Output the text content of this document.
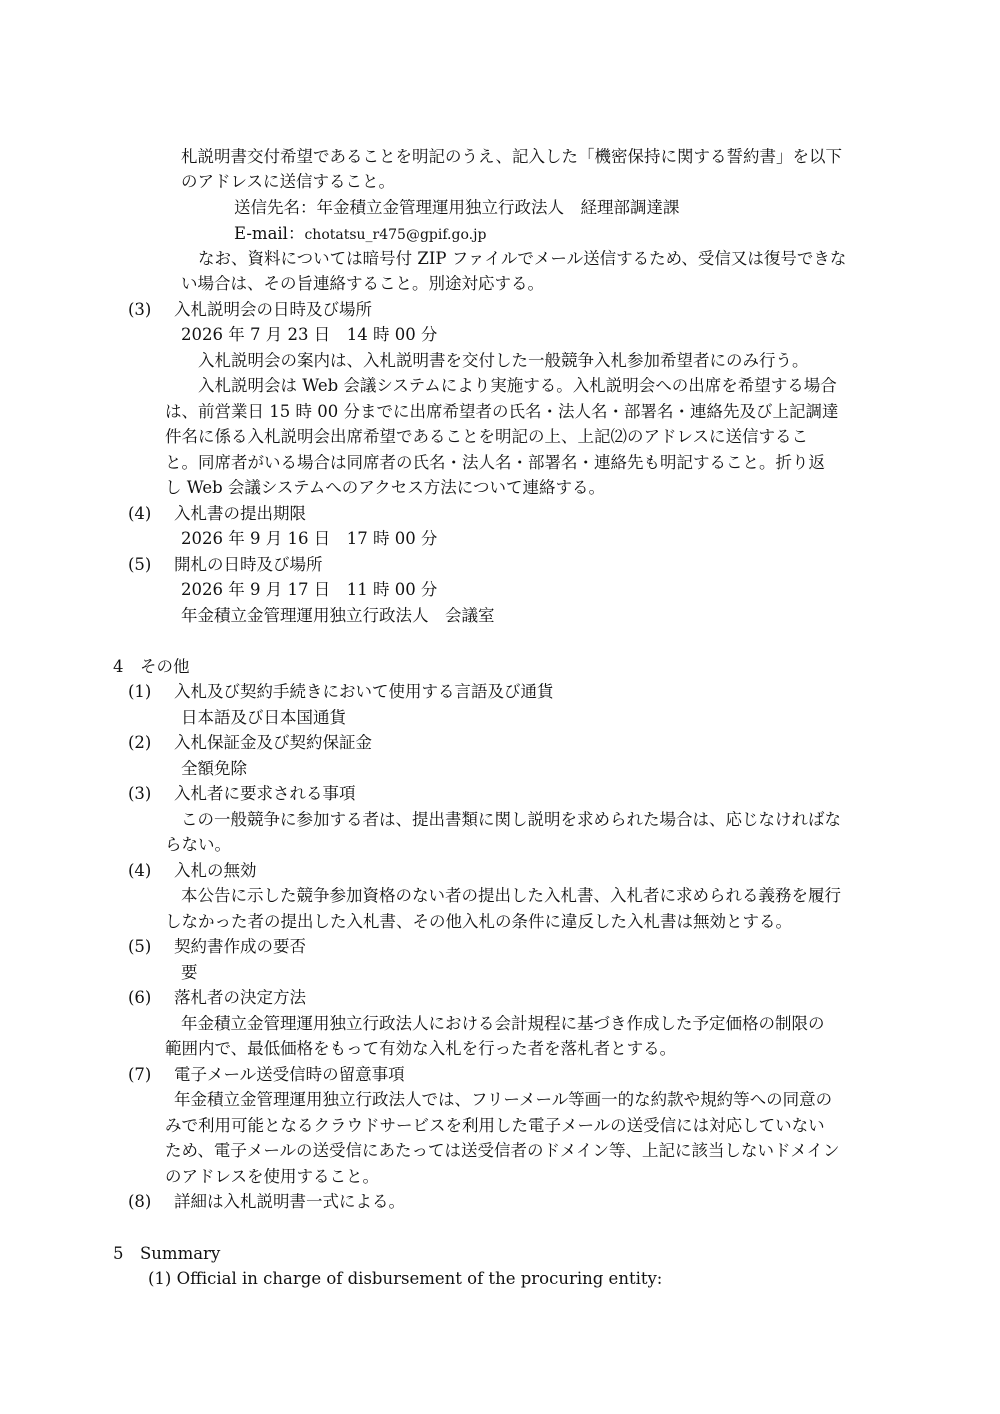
札説明書交付希望であることを明記のうえ、記入した「機密保持に関する誓約書」を以下
のアドレスに送信すること。
送信先名：年金積立金管理運用独立行政法人　経理部調達課
E-mail：chotatsu_r475@gpif.go.jp
なお、資料については暗号付 ZIP ファイルでメール送信するため、受信又は復号できな
い場合は、その旨連絡すること。別途対応する。
(3) 入札説明会の日時及び場所
2026 年 7 月 23 日　14 時 00 分
入札説明会の案内は、入札説明書を交付した一般競争入札参加希望者にのみ行う。
入札説明会は Web 会議システムにより実施する。入札説明会への出席を希望する場合
は、前営業日 15 時 00 分までに出席希望者の氏名・法人名・部署名・連絡先及び上記調達
件名に係る入札説明会出席希望であることを明記の上、上記⑵のアドレスに送信するこ
と。同席者がいる場合は同席者の氏名・法人名・部署名・連絡先も明記すること。折り返
し Web 会議システムへのアクセス方法について連絡する。
(4) 入札書の提出期限
2026 年 9 月 16 日　17 時 00 分
(5) 開札の日時及び場所
2026 年 9 月 17 日　11 時 00 分
年金積立金管理運用独立行政法人　会議室
4　その他
(1) 入札及び契約手続きにおいて使用する言語及び通貨
日本語及び日本国通貨
(2) 入札保証金及び契約保証金
全額免除
(3) 入札者に要求される事項
この一般競争に参加する者は、提出書類に関し説明を求められた場合は、応じなければな
らない。
(4) 入札の無効
本公告に示した競争参加資格のない者の提出した入札書、入札者に求められる義務を履行
しなかった者の提出した入札書、その他入札の条件に違反した入札書は無効とする。
(5) 契約書作成の要否
要
(6) 落札者の決定方法
年金積立金管理運用独立行政法人における会計規程に基づき作成した予定価格の制限の
範囲内で、最低価格をもって有効な入札を行った者を落札者とする。
(7) 電子メール送受信時の留意事項
年金積立金管理運用独立行政法人では、フリーメール等画一的な約款や規約等への同意の
みで利用可能となるクラウドサービスを利用した電子メールの送受信には対応していない
ため、電子メールの送受信にあたっては送受信者のドメイン等、上記に該当しないドメイン
のアドレスを使用すること。
(8) 詳細は入札説明書一式による。
5　Summary
(1) Official in charge of disbursement of the procuring entity:
